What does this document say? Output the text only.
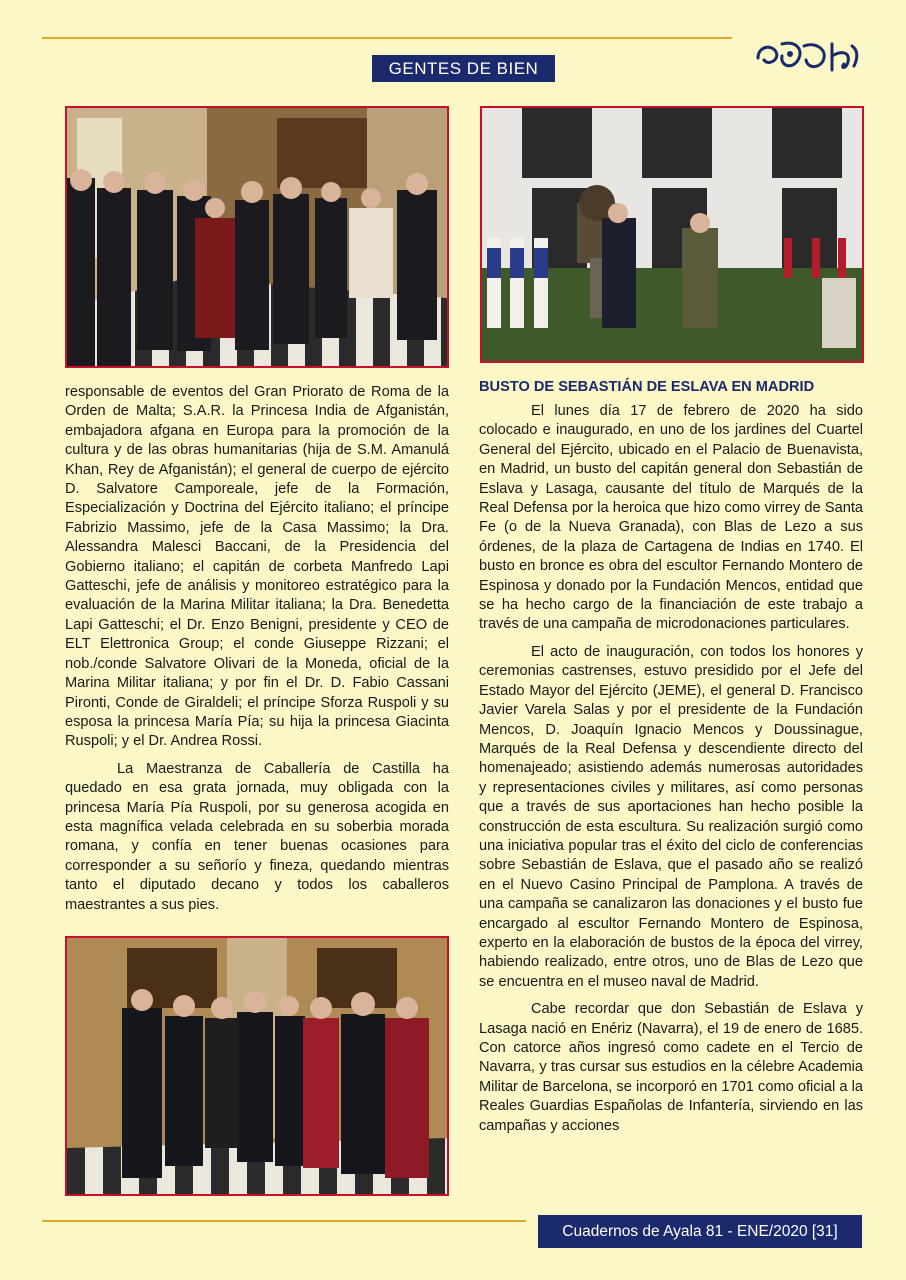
GENTES DE BIEN

responsable de eventos del Gran Priorato de Roma de la Orden de Malta; S.A.R. la Princesa India de Afganistán, embajadora afgana en Europa para la promoción de la cultura y de las obras humanitarias (hija de S.M. Amanulá Khan, Rey de Afganistán); el general de cuerpo de ejército D. Salvatore Camporeale, jefe de la Formación, Especialización y Doctrina del Ejército italiano; el príncipe Fabrizio Massimo, jefe de la Casa Massimo; la Dra. Alessandra Malesci Baccani, de la Presidencia del Gobierno italiano; el capitán de corbeta Manfredo Lapi Gatteschi, jefe de análisis y monitoreo estratégico para la evaluación de la Marina Militar italiana; la Dra. Benedetta Lapi Gatteschi; el Dr. Enzo Benigni, presidente y CEO de ELT Elettronica Group; el conde Giuseppe Rizzani; el nob./conde Salvatore Olivari de la Moneda, oficial de la Marina Militar italiana; y por fin el Dr. D. Fabio Cassani Pironti, Conde de Giraldeli; el príncipe Sforza Ruspoli y su esposa la princesa María Pía; su hija la princesa Giacinta Ruspoli; y el Dr. Andrea Rossi.

La Maestranza de Caballería de Castilla ha quedado en esa grata jornada, muy obligada con la princesa María Pía Ruspoli, por su generosa acogida en esta magnífica velada celebrada en su soberbia morada romana, y confía en tener buenas ocasiones para corresponder a su señorío y fineza, quedando mientras tanto el diputado decano y todos los caballeros maestrantes a sus pies.

BUSTO DE SEBASTIÁN DE ESLAVA EN MADRID

El lunes día 17 de febrero de 2020 ha sido colocado e inaugurado, en uno de los jardines del Cuartel General del Ejército, ubicado en el Palacio de Buenavista, en Madrid, un busto del capitán general don Sebastián de Eslava y Lasaga, causante del título de Marqués de la Real Defensa por la heroica que hizo como virrey de Santa Fe (o de la Nueva Granada), con Blas de Lezo a sus órdenes, de la plaza de Cartagena de Indias en 1740. El busto en bronce es obra del escultor Fernando Montero de Espinosa y donado por la Fundación Mencos, entidad que se ha hecho cargo de la financiación de este trabajo a través de una campaña de microdonaciones particulares.

El acto de inauguración, con todos los honores y ceremonias castrenses, estuvo presidido por el Jefe del Estado Mayor del Ejército (JEME), el general D. Francisco Javier Varela Salas y por el presidente de la Fundación Mencos, D. Joaquín Ignacio Mencos y Doussinague, Marqués de la Real Defensa y descendiente directo del homenajeado; asistiendo además numerosas autoridades y representaciones civiles y militares, así como personas que a través de sus aportaciones han hecho posible la construcción de esta escultura. Su realización surgió como una iniciativa popular tras el éxito del ciclo de conferencias sobre Sebastián de Eslava, que el pasado año se realizó en el Nuevo Casino Principal de Pamplona. A través de una campaña se canalizaron las donaciones y el busto fue encargado al escultor Fernando Montero de Espinosa, experto en la elaboración de bustos de la época del virrey, habiendo realizado, entre otros, uno de Blas de Lezo que se encuentra en el museo naval de Madrid.

Cabe recordar que don Sebastián de Eslava y Lasaga nació en Enériz (Navarra), el 19 de enero de 1685. Con catorce años ingresó como cadete en el Tercio de Navarra, y tras cursar sus estudios en la célebre Academia Militar de Barcelona, se incorporó en 1701 como oficial a la Reales Guardias Españolas de Infantería, sirviendo en las campañas y acciones

Cuadernos de Ayala 81 - ENE/2020 [31]
